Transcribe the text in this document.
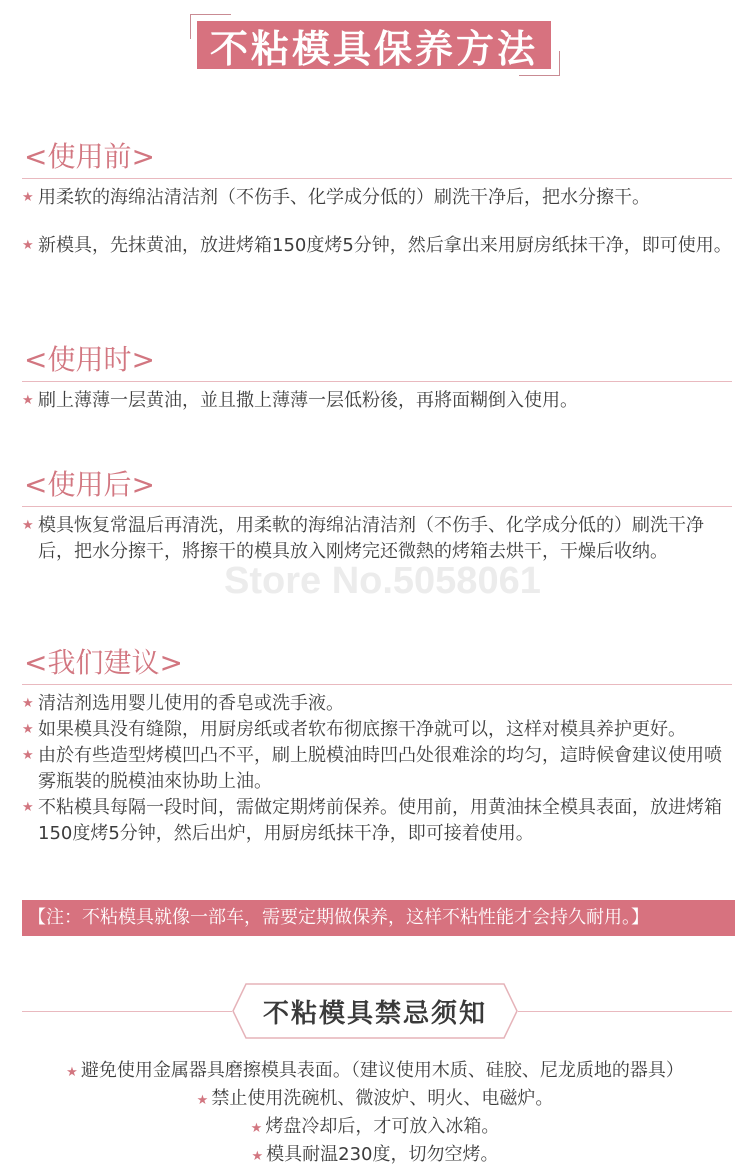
不粘模具保养方法
Store No.5058061
<使用前>
★ 用柔软的海绵沾清洁剂（不伤手、化学成分低的）刷洗干净后，把水分擦干。
★ 新模具，先抹黄油，放进烤箱150度烤5分钟，然后拿出来用厨房纸抹干净，即可使用。
<使用时>
★ 刷上薄薄一层黄油，並且撒上薄薄一层低粉後，再將面糊倒入使用。
<使用后>
★ 模具恢复常温后再清洗，用柔軟的海绵沾清洁剂（不伤手、化学成分低的）刷洗干净后，把水分擦干，將擦干的模具放入刚烤完还微熱的烤箱去烘干，干燥后收纳。
<我们建议>
★ 清洁剂选用婴儿使用的香皂或洗手液。
★ 如果模具没有缝隙，用厨房纸或者软布彻底擦干净就可以，这样对模具养护更好。
★ 由於有些造型烤模凹凸不平，刷上脱模油時凹凸处很难涂的均匀，這時候會建议使用喷雾瓶裝的脱模油來协助上油。
★ 不粘模具每隔一段时间，需做定期烤前保养。使用前，用黄油抹全模具表面，放进烤箱150度烤5分钟，然后出炉，用厨房纸抹干净，即可接着使用。
【注：不粘模具就像一部车，需要定期做保养，这样不粘性能才会持久耐用。】
不粘模具禁忌须知
★ 避免使用金属器具磨擦模具表面。（建议使用木质、硅胶、尼龙质地的器具）
★ 禁止使用洗碗机、微波炉、明火、电磁炉。
★ 烤盘冷却后，才可放入冰箱。
★ 模具耐温230度，切勿空烤。
